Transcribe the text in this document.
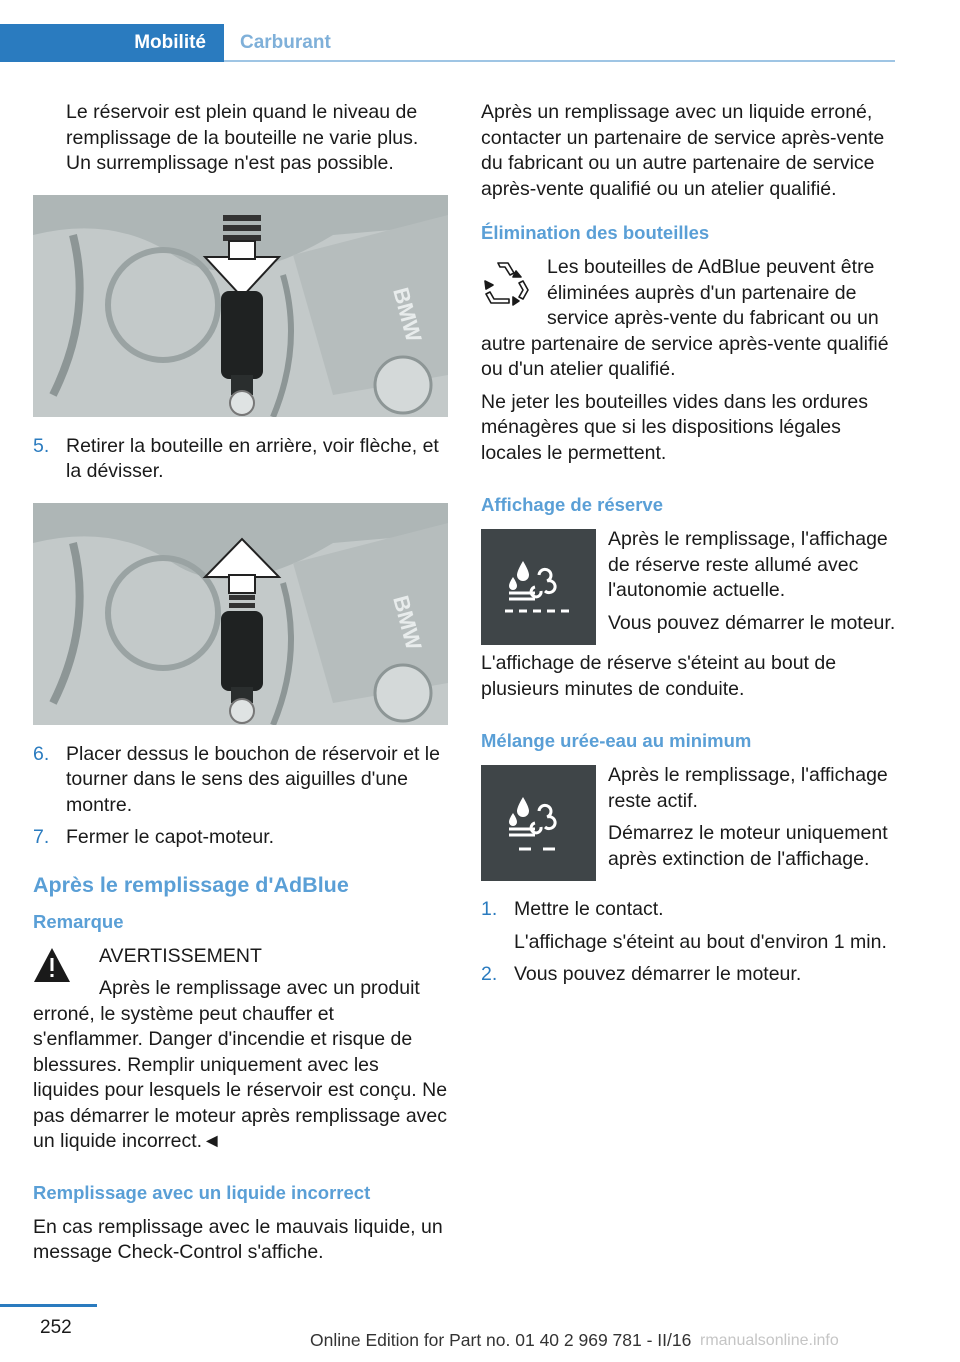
Mobilité Carburant

Le réservoir est plein quand le niveau de remplissage de la bouteille ne varie plus. Un surremplissage n'est pas possible.

BMW
5. Retirer la bouteille en arrière, voir flèche, et la dévisser.
BMW
6. Placer dessus le bouchon de réservoir et le tourner dans le sens des aiguilles d'une montre.
7. Fermer le capot-moteur.
Après le remplissage d'AdBlue
Remarque

AVERTISSEMENT

Après le remplissage avec un produit erroné, le système peut chauffer et s'enflammer. Danger d'incendie et risque de blessures. Remplir uniquement avec les liquides pour lesquels le réservoir est conçu. Ne pas démarrer le moteur après remplissage avec un liquide incorrect.◄

Remplissage avec un liquide incorrect

En cas remplissage avec le mauvais liquide, un message Check-Control s'affiche.

Après un remplissage avec un liquide erroné, contacter un partenaire de service après-vente du fabricant ou un autre partenaire de service après-vente qualifié ou un atelier qualifié.

Élimination des bouteilles

Les bouteilles de AdBlue peuvent être éliminées auprès d'un partenaire de service après-vente du fabricant ou un autre partenaire de service après-vente qualifié ou d'un atelier qualifié.

Ne jeter les bouteilles vides dans les ordures ménagères que si les dispositions légales locales le permettent.

Affichage de réserve

Après le remplissage, l'affichage de réserve reste allumé avec l'autonomie actuelle.

Vous pouvez démarrer le moteur.

L'affichage de réserve s'éteint au bout de plusieurs minutes de conduite.

Mélange urée-eau au minimum

Après le remplissage, l'affichage reste actif.

Démarrez le moteur uniquement après extinction de l'affichage.

1. Mettre le contact.
L'affichage s'éteint au bout d'environ 1 min.
2. Vous pouvez démarrer le moteur.
252
Online Edition for Part no. 01 40 2 969 781 - II/16 rmanualsonline.info
